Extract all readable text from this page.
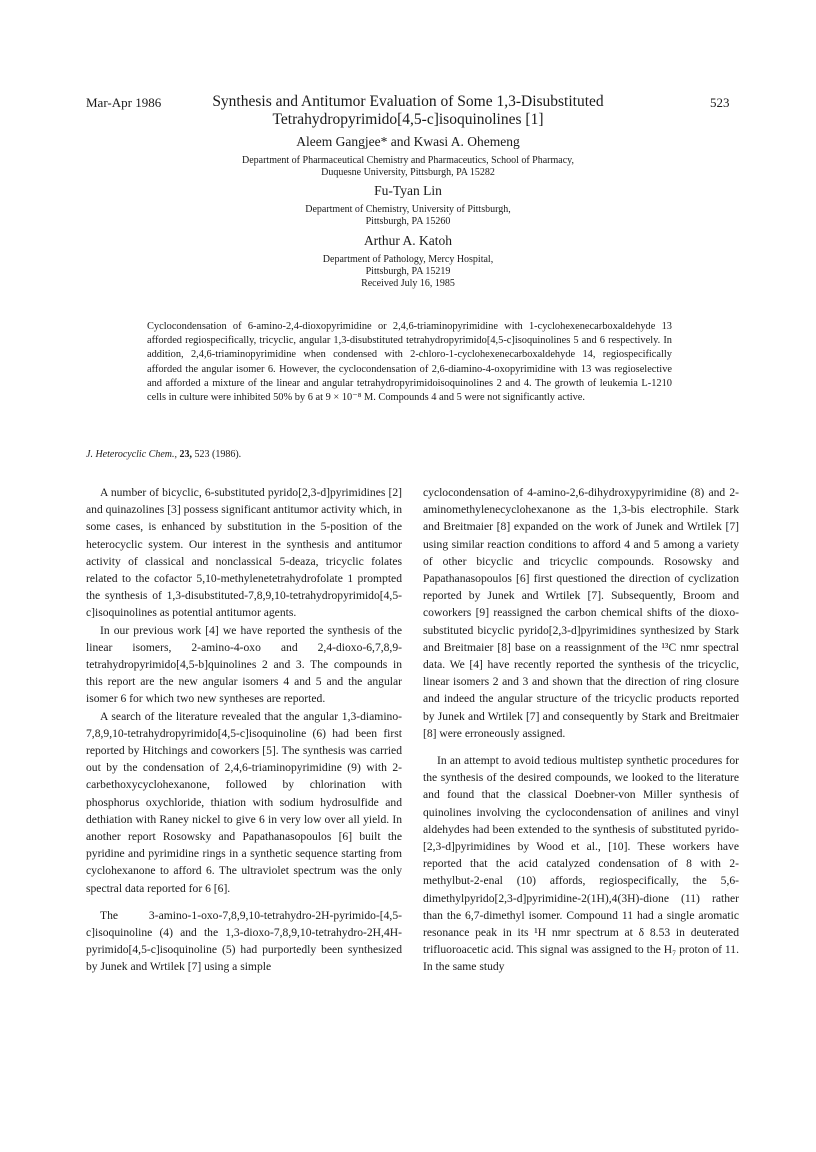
Mar-Apr 1986	523
Synthesis and Antitumor Evaluation of Some 1,3-Disubstituted
Tetrahydropyrimido[4,5-c]isoquinolines [1]
Aleem Gangjee* and Kwasi A. Ohemeng
Department of Pharmaceutical Chemistry and Pharmaceutics, School of Pharmacy,
Duquesne University, Pittsburgh, PA 15282
Fu-Tyan Lin
Department of Chemistry, University of Pittsburgh,
Pittsburgh, PA 15260
Arthur A. Katoh
Department of Pathology, Mercy Hospital,
Pittsburgh, PA 15219
Received July 16, 1985
Cyclocondensation of 6-amino-2,4-dioxopyrimidine or 2,4,6-triaminopyrimidine with 1-cyclohexenecarboxaldehyde 13 afforded regiospecifically, tricyclic, angular 1,3-disubstituted tetrahydropyrimido[4,5-c]isoquinolines 5 and 6 respectively. In addition, 2,4,6-triaminopyrimidine when condensed with 2-chloro-1-cyclohexenecarboxaldehyde 14, regiospecifically afforded the angular isomer 6. However, the cyclocondensation of 2,6-diamino-4-oxopyrimidine with 13 was regioselective and afforded a mixture of the linear and angular tetrahydropyrimidoisoquinolines 2 and 4. The growth of leukemia L-1210 cells in culture were inhibited 50% by 6 at 9 × 10⁻⁸ M. Compounds 4 and 5 were not significantly active.
J. Heterocyclic Chem., 23, 523 (1986).

A number of bicyclic, 6-substituted pyrido[2,3-d]pyrimidines [2] and quinazolines [3] possess significant antitumor activity which, in some cases, is enhanced by substitution in the 5-position of the heterocyclic system. Our interest in the synthesis and antitumor activity of classical and nonclassical 5-deaza, tricyclic folates related to the cofactor 5,10-methylenetetrahydrofolate 1 prompted the synthesis of 1,3-disubstituted-7,8,9,10-tetrahydropyrimido[4,5-c]isoquinolines as potential antitumor agents.

In our previous work [4] we have reported the synthesis of the linear isomers, 2-amino-4-oxo and 2,4-dioxo-6,7,8,9-tetrahydropyrimido[4,5-b]quinolines 2 and 3. The compounds in this report are the new angular isomers 4 and 5 and the angular isomer 6 for which two new syntheses are reported.

A search of the literature revealed that the angular 1,3-diamino-7,8,9,10-tetrahydropyrimido[4,5-c]isoquinoline (6) had been first reported by Hitchings and coworkers [5]. The synthesis was carried out by the condensation of 2,4,6-triaminopyrimidine (9) with 2-carbethoxycyclohexanone, followed by chlorination with phosphorus oxychloride, thiation with sodium hydrosulfide and dethiation with Raney nickel to give 6 in very low over all yield. In another report Rosowsky and Papathanasopoulos [6] built the pyridine and pyrimidine rings in a synthetic sequence starting from cyclohexanone to afford 6. The ultraviolet spectrum was the only spectral data reported for 6 [6].

The 3-amino-1-oxo-7,8,9,10-tetrahydro-2H-pyrimido-[4,5-c]isoquinoline (4) and the 1,3-dioxo-7,8,9,10-tetrahydro-2H,4H-pyrimido[4,5-c]isoquinoline (5) had purportedly been synthesized by Junek and Wrtilek [7] using a simple

cyclocondensation of 4-amino-2,6-dihydroxypyrimidine (8) and 2-aminomethylenecyclohexanone as the 1,3-bis electrophile. Stark and Breitmaier [8] expanded on the work of Junek and Wrtilek [7] using similar reaction conditions to afford 4 and 5 among a variety of other bicyclic and tricyclic compounds. Rosowsky and Papathanasopoulos [6] first questioned the direction of cyclization reported by Junek and Wrtilek [7]. Subsequently, Broom and coworkers [9] reassigned the carbon chemical shifts of the dioxo-substituted bicyclic pyrido[2,3-d]pyrimidines synthesized by Stark and Breitmaier [8] base on a reassignment of the ¹³C nmr spectral data. We [4] have recently reported the synthesis of the tricyclic, linear isomers 2 and 3 and shown that the direction of ring closure and indeed the angular structure of the tricyclic products reported by Junek and Wrtilek [7] and consequently by Stark and Breitmaier [8] were erroneously assigned.

In an attempt to avoid tedious multistep synthetic procedures for the synthesis of the desired compounds, we looked to the literature and found that the classical Doebner-von Miller synthesis of quinolines involving the cyclocondensation of anilines and vinyl aldehydes had been extended to the synthesis of substituted pyrido-[2,3-d]pyrimidines by Wood et al., [10]. These workers have reported that the acid catalyzed condensation of 8 with 2-methylbut-2-enal (10) affords, regiospecifically, the 5,6-dimethylpyrido[2,3-d]pyrimidine-2(1H),4(3H)-dione (11) rather than the 6,7-dimethyl isomer. Compound 11 had a single aromatic resonance peak in its ¹H nmr spectrum at δ 8.53 in deuterated trifluoroacetic acid. This signal was assigned to the H₇ proton of 11. In the same study
